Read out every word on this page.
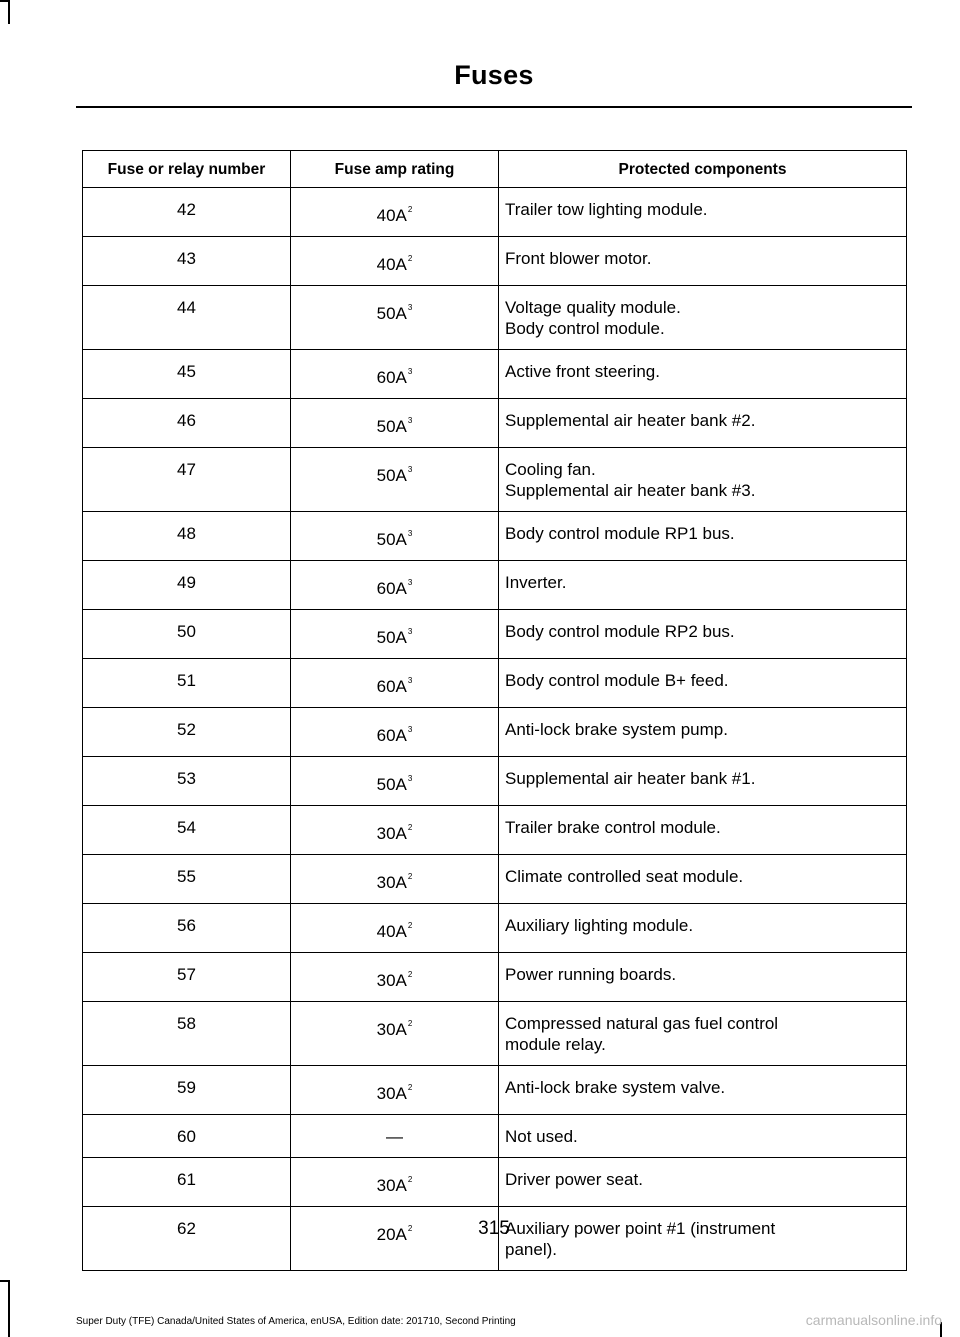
Fuses
Fuse or relay number	Fuse amp rating	Protected components
42	$40A^2$	Trailer tow lighting module.

43	$40A^2$	Front blower motor.

44	$50A^3$	Voltage quality module.
Body control module.

45	$60A^3$	Active front steering.

46	$50A^3$	Supplemental air heater bank #2.

47	$50A^3$	Cooling fan.
Supplemental air heater bank #3.

48	$50A^3$	Body control module RP1 bus.

49	$60A^3$	Inverter.

50	$50A^3$	Body control module RP2 bus.

51	$60A^3$	Body control module B+ feed.

52	$60A^3$	Anti-lock brake system pump.

53	$50A^3$	Supplemental air heater bank #1.

54	$30A^2$	Trailer brake control module.

55	$30A^2$	Climate controlled seat module.

56	$40A^2$	Auxiliary lighting module.

57	$30A^2$	Power running boards.

58	$30A^2$	Compressed natural gas fuel control
module relay.

59	$30A^2$	Anti-lock brake system valve.

60	—	Not used.

61	$30A^2$	Driver power seat.

62	$20A^2$	Auxiliary power point #1 (instrument
panel).
315
Super Duty (TFE) Canada/United States of America, enUSA, Edition date: 201710, Second Printing	carmanualsonline.info
